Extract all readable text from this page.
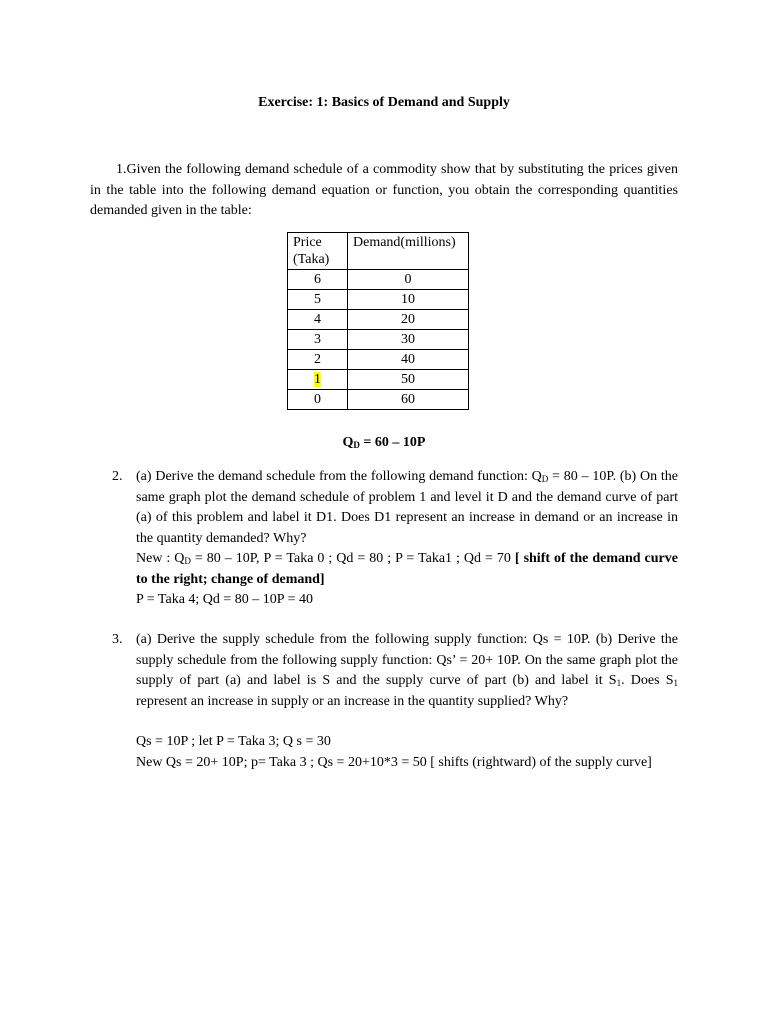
Exercise: 1: Basics of Demand and Supply
1.Given the following demand schedule of a commodity show that by substituting the prices given in the table into the following demand equation or function, you obtain the corresponding quantities demanded given in the table:
Price
(Taka)	Demand(millions)
6	0
5	10
4	20
3	30
2	40
1	50
0	60
$Q_D = 60 - 10P$
2. (a) Derive the demand schedule from the following demand function: $Q_D = 80 - 10P$. (b) On the same graph plot the demand schedule of problem 1 and level it D and the demand curve of part (a) of this problem and label it D1. Does D1 represent an increase in demand or an increase in the quantity demanded? Why?
New : $Q_D = 80 - 10P$, P = Taka 0 ; Qd = 80 ; P = Taka1 ; Qd = 70 [ shift of the demand curve to the right; change of demand]
P = Taka 4; Qd = 80 – 10P = 40
3. (a) Derive the supply schedule from the following supply function: Qs = 10P. (b) Derive the supply schedule from the following supply function: Qs’ = 20+ 10P. On the same graph plot the supply of part (a) and label is S and the supply curve of part (b) and label it $S_1$. Does $S_1$ represent an increase in supply or an increase in the quantity supplied? Why?
Qs = 10P ; let P = Taka 3; Q s = 30
New Qs = 20+ 10P; p= Taka 3 ; Qs = 20+10*3 = 50 [ shifts (rightward) of the supply curve]
